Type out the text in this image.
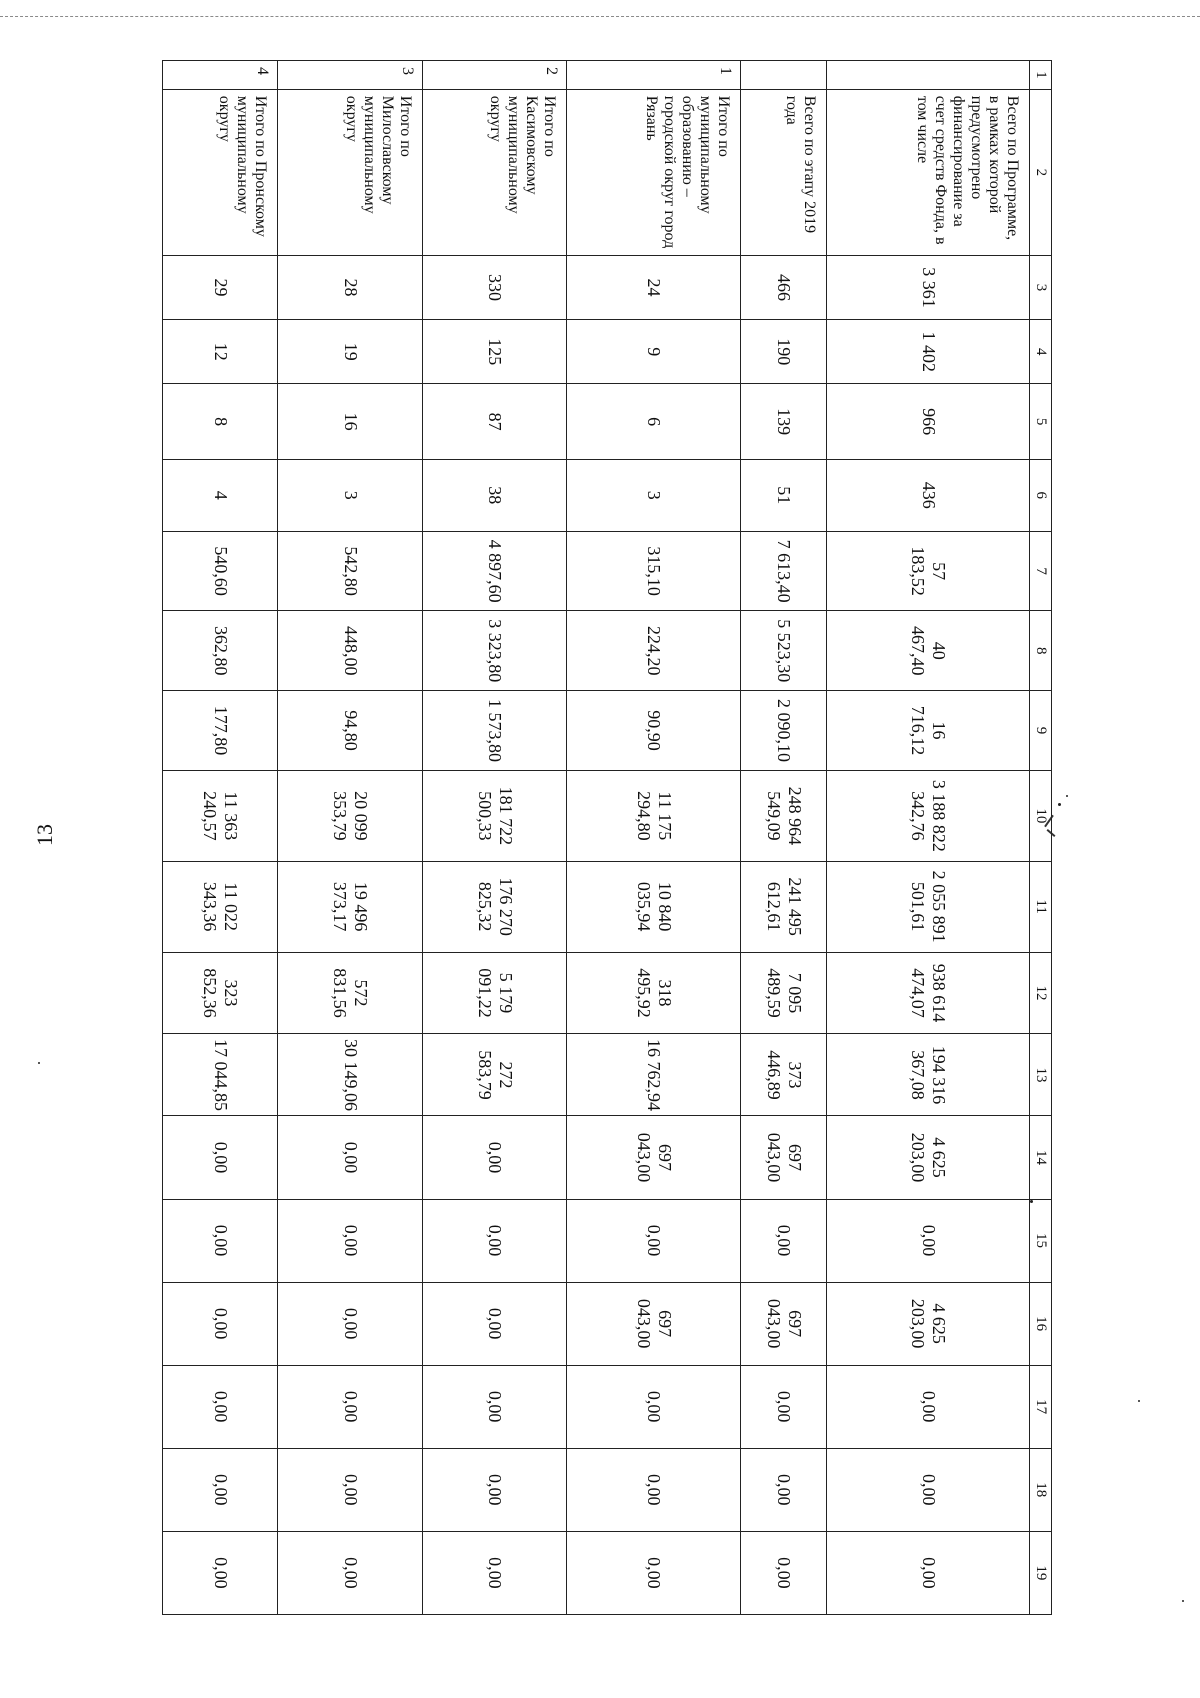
13
1	2	3	4	5	6	7	8	9	10	11	12	13	14	15	16	17	18	19
	Всего по Программе, в рамках которой предусмотрено финансирование за счет средств Фонда, в том числе	3 361	1 402	966	436	57 183,52	40 467,40	16 716,12	3 188 822 342,76	2 055 891 501,61	938 614 474,07	194 316 367,08	4 625 203,00	0,00	4 625 203,00	0,00	0,00	0,00
	Всего по этапу 2019 года	466	190	139	51	7 613,40	5 523,30	2 090,10	248 964 549,09	241 495 612,61	7 095 489,59	373 446,89	697 043,00	0,00	697 043,00	0,00	0,00	0,00
1	Итого по муниципальному образованию – городской округ город Рязань	24	9	6	3	315,10	224,20	90,90	11 175 294,80	10 840 035,94	318 495,92	16 762,94	697 043,00	0,00	697 043,00	0,00	0,00	0,00
2	Итого по Касимовскому муниципальному округу	330	125	87	38	4 897,60	3 323,80	1 573,80	181 722 500,33	176 270 825,32	5 179 091,22	272 583,79	0,00	0,00	0,00	0,00	0,00	0,00
3	Итого по Милославскому муниципальному округу	28	19	16	3	542,80	448,00	94,80	20 099 353,79	19 496 373,17	572 831,56	30 149,06	0,00	0,00	0,00	0,00	0,00	0,00
4	Итого по Пронскому муниципальному округу	29	12	8	4	540,60	362,80	177,80	11 363 240,57	11 022 343,36	323 852,36	17 044,85	0,00	0,00	0,00	0,00	0,00	0,00
